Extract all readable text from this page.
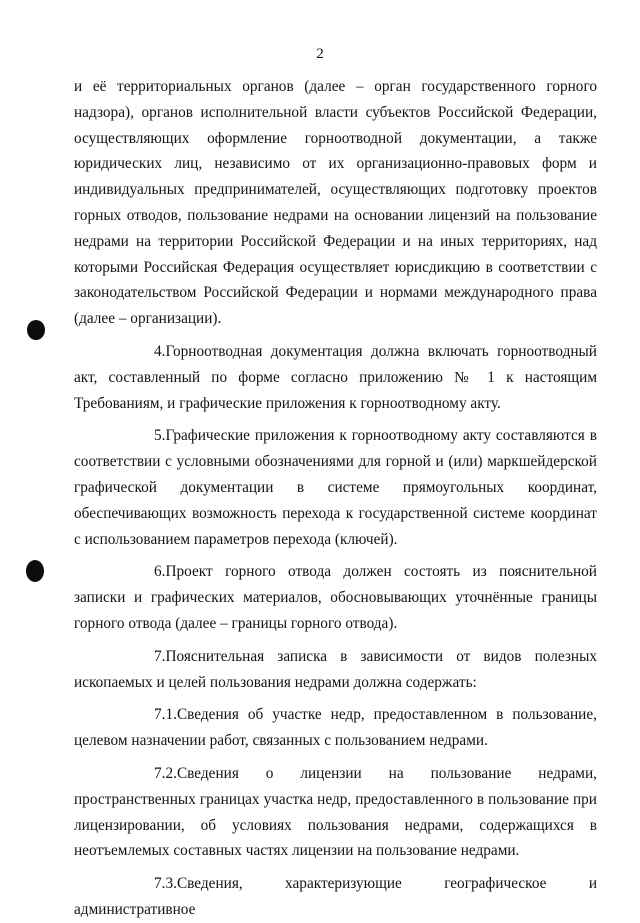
2

и её территориальных органов (далее – орган государственного горного надзора), органов исполнительной власти субъектов Российской Федерации, осуществляющих оформление горноотводной документации, а также юридических лиц, независимо от их организационно-правовых форм и индивидуальных предпринимателей, осуществляющих подготовку проектов горных отводов, пользование недрами на основании лицензий на пользование недрами на территории Российской Федерации и на иных территориях, над которыми Российская Федерация осуществляет юрисдикцию в соответствии с законодательством Российской Федерации и нормами международного права (далее – организации).

4.Горноотводная документация должна включать горноотводный акт, составленный по форме согласно приложению № 1 к настоящим Требованиям, и графические приложения к горноотводному акту.

5.Графические приложения к горноотводному акту составляются в соответствии с условными обозначениями для горной и (или) маркшейдерской графической документации в системе прямоугольных координат, обеспечивающих возможность перехода к государственной системе координат с использованием параметров перехода (ключей).

6.Проект горного отвода должен состоять из пояснительной записки и графических материалов, обосновывающих уточнённые границы горного отвода (далее – границы горного отвода).

7.Пояснительная записка в зависимости от видов полезных ископаемых и целей пользования недрами должна содержать:

7.1.Сведения об участке недр, предоставленном в пользование, целевом назначении работ, связанных с пользованием недрами.

7.2.Сведения о лицензии на пользование недрами, пространственных границах участка недр, предоставленного в пользование при лицензировании, об условиях пользования недрами, содержащихся в неотъемлемых составных частях лицензии на пользование недрами.

7.3.Сведения, характеризующие географическое и административное
